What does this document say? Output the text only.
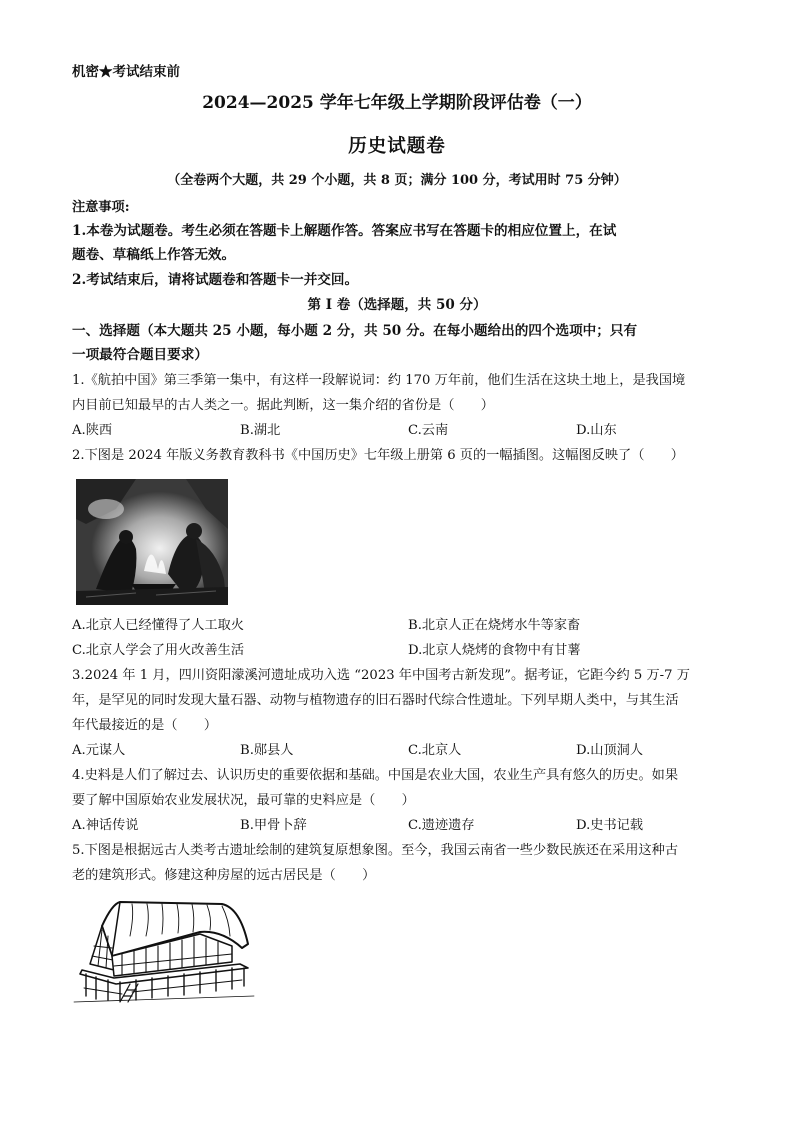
机密★考试结束前
2024—2025 学年七年级上学期阶段评估卷（一）
历史试题卷
（全卷两个大题，共 29 个小题，共 8 页；满分 100 分，考试用时 75 分钟）
注意事项:
1.本卷为试题卷。考生必须在答题卡上解题作答。答案应书写在答题卡的相应位置上，在试
题卷、草稿纸上作答无效。
2.考试结束后，请将试题卷和答题卡一并交回。
第 I 卷（选择题，共 50 分）
一、选择题（本大题共 25 小题，每小题 2 分，共 50 分。在每小题给出的四个选项中；只有
一项最符合题目要求）
1.《航拍中国》第三季第一集中，有这样一段解说词：约 170 万年前，他们生活在这块土地上，是我国境
内目前已知最早的古人类之一。据此判断，这一集介绍的省份是（　　）
A.陕西	B.湖北	C.云南	D.山东
2.下图是 2024 年版义务教育教科书《中国历史》七年级上册第 6 页的一幅插图。这幅图反映了（　　）
A.北京人已经懂得了人工取火	B.北京人正在烧烤水牛等家畜
C.北京人学会了用火改善生活	D.北京人烧烤的食物中有甘薯
3.2024 年 1 月，四川资阳濛溪河遗址成功入选 “2023 年中国考古新发现”。据考证，它距今约 5 万-7 万
年，是罕见的同时发现大量石器、动物与植物遗存的旧石器时代综合性遗址。下列早期人类中，与其生活
年代最接近的是（　　）
A.元谋人	B.郧县人	C.北京人	D.山顶洞人
4.史料是人们了解过去、认识历史的重要依据和基础。中国是农业大国，农业生产具有悠久的历史。如果
要了解中国原始农业发展状况，最可靠的史料应是（　　）
A.神话传说	B.甲骨卜辞	C.遗迹遗存	D.史书记载
5.下图是根据远古人类考古遗址绘制的建筑复原想象图。至今，我国云南省一些少数民族还在采用这种古
老的建筑形式。修建这种房屋的远古居民是（　　）
